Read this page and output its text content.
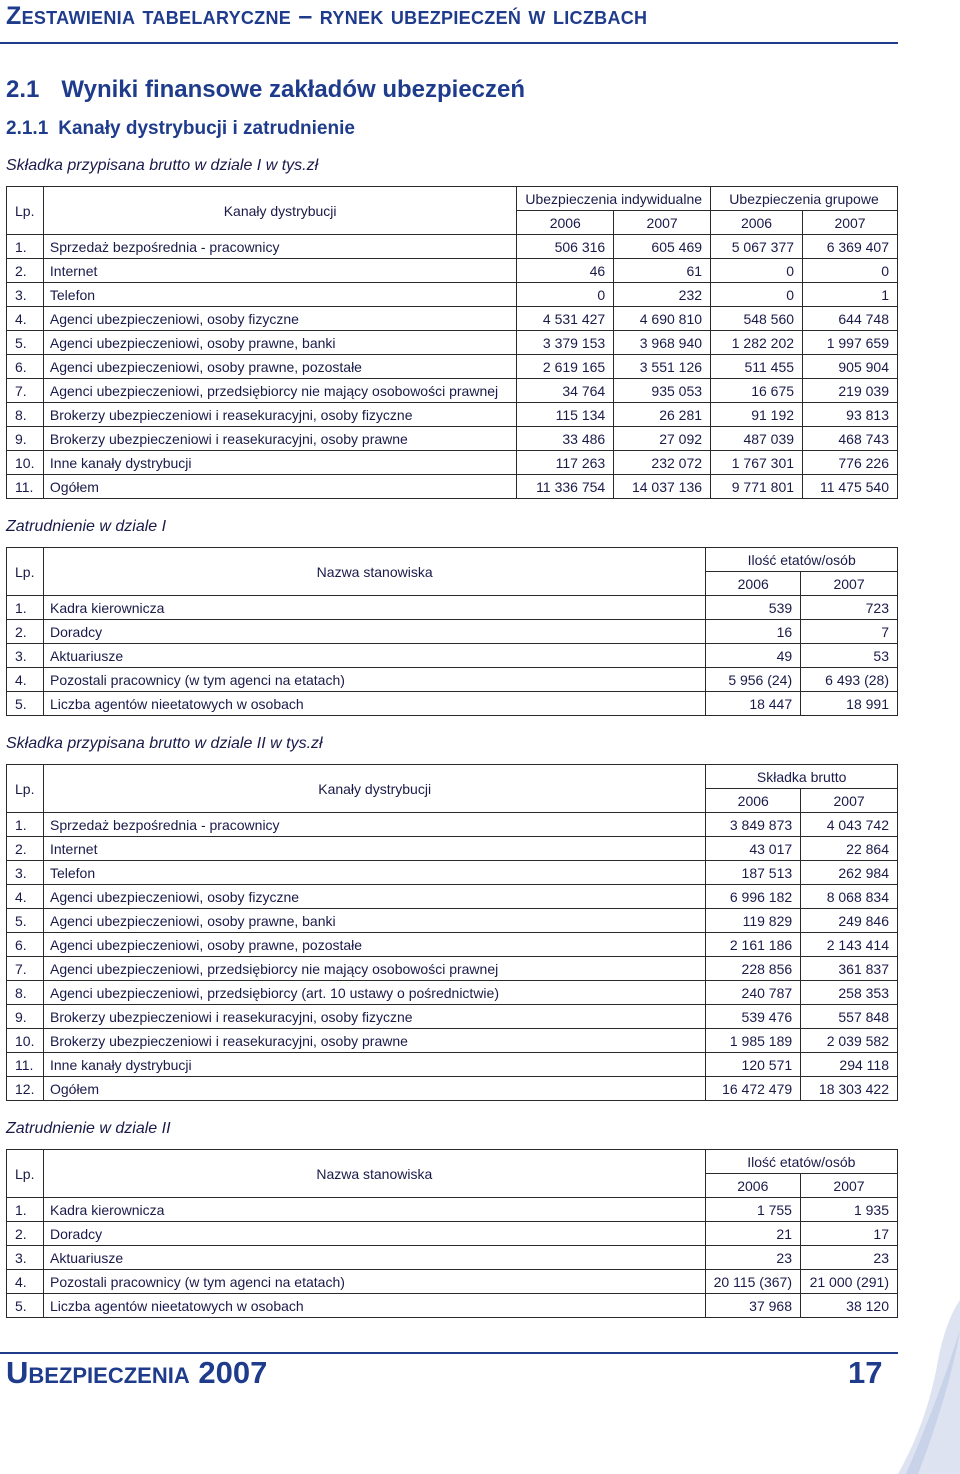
Zestawienia tabelaryczne – rynek ubezpieczeń w liczbach
2.1 Wyniki finansowe zakładów ubezpieczeń
2.1.1 Kanały dystrybucji i zatrudnienie
Składka przypisana brutto w dziale I w tys.zł
Lp.	Kanały dystrybucji	Ubezpieczenia indywidualne		Ubezpieczenia grupowe	
		2006	2007	2006	2007
1.	Sprzedaż bezpośrednia - pracownicy	506 316	605 469	5 067 377	6 369 407
2.	Internet	46	61	0	0
3.	Telefon	0	232	0	1
4.	Agenci ubezpieczeniowi, osoby fizyczne	4 531 427	4 690 810	548 560	644 748
5.	Agenci ubezpieczeniowi, osoby prawne, banki	3 379 153	3 968 940	1 282 202	1 997 659
6.	Agenci ubezpieczeniowi, osoby prawne, pozostałe	2 619 165	3 551 126	511 455	905 904
7.	Agenci ubezpieczeniowi, przedsiębiorcy nie mający osobowości prawnej	34 764	935 053	16 675	219 039
8.	Brokerzy ubezpieczeniowi i reasekuracyjni, osoby fizyczne	115 134	26 281	91 192	93 813
9.	Brokerzy ubezpieczeniowi i reasekuracyjni, osoby prawne	33 486	27 092	487 039	468 743
10.	Inne kanały dystrybucji	117 263	232 072	1 767 301	776 226
11.	Ogółem	11 336 754	14 037 136	9 771 801	11 475 540
Zatrudnienie w dziale I
Lp.	Nazwa stanowiska	Ilość etatów/osób	
		2006	2007
1.	Kadra kierownicza	539	723
2.	Doradcy	16	7
3.	Aktuariusze	49	53
4.	Pozostali pracownicy (w tym agenci na etatach)	5 956 (24)	6 493 (28)
5.	Liczba agentów nieetatowych w osobach	18 447	18 991
Składka przypisana brutto w dziale II w tys.zł
Lp.	Kanały dystrybucji	Składka brutto	
		2006	2007
1.	Sprzedaż bezpośrednia - pracownicy	3 849 873	4 043 742
2.	Internet	43 017	22 864
3.	Telefon	187 513	262 984
4.	Agenci ubezpieczeniowi, osoby fizyczne	6 996 182	8 068 834
5.	Agenci ubezpieczeniowi, osoby prawne, banki	119 829	249 846
6.	Agenci ubezpieczeniowi, osoby prawne, pozostałe	2 161 186	2 143 414
7.	Agenci ubezpieczeniowi, przedsiębiorcy nie mający osobowości prawnej	228 856	361 837
8.	Agenci ubezpieczeniowi, przedsiębiorcy (art. 10 ustawy o pośrednictwie)	240 787	258 353
9.	Brokerzy ubezpieczeniowi i reasekuracyjni, osoby fizyczne	539 476	557 848
10.	Brokerzy ubezpieczeniowi i reasekuracyjni, osoby prawne	1 985 189	2 039 582
11.	Inne kanały dystrybucji	120 571	294 118
12.	Ogółem	16 472 479	18 303 422
Zatrudnienie w dziale II
Lp.	Nazwa stanowiska	Ilość etatów/osób	
		2006	2007
1.	Kadra kierownicza	1 755	1 935
2.	Doradcy	21	17
3.	Aktuariusze	23	23
4.	Pozostali pracownicy (w tym agenci na etatach)	20 115 (367)	21 000 (291)
5.	Liczba agentów nieetatowych w osobach	37 968	38 120
Ubezpieczenia 2007	17
